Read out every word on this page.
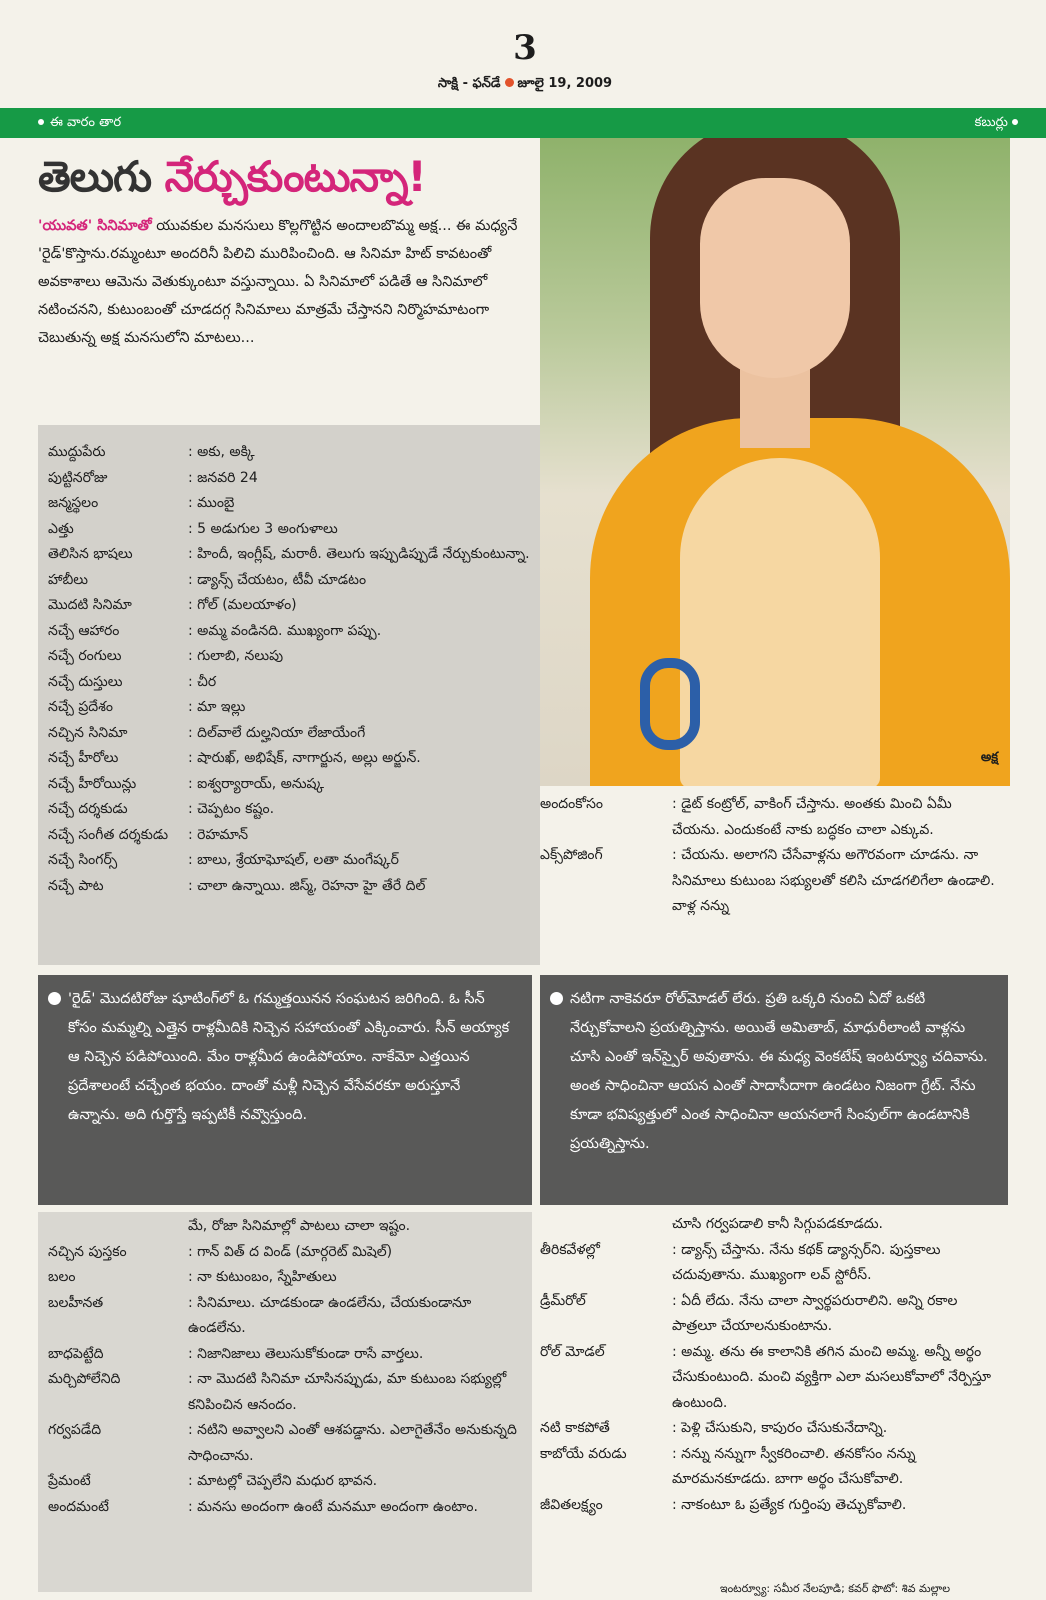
3
సాక్షి - ఫన్‌డే జూలై 19, 2009
ఈ వారం తార	కబుర్లు
తెలుగు నేర్చుకుంటున్నా!
'యువత' సినిమాతో యువకుల మనసులు కొల్లగొట్టిన అందాలబొమ్మ అక్ష... ఈ మధ్యనే 'రైడ్'కొస్తాను.రమ్మంటూ అందరినీ పిలిచి మురిపించింది. ఆ సినిమా హిట్ కావటంతో అవకాశాలు ఆమెను వెతుక్కుంటూ వస్తున్నాయి. ఏ సినిమాలో పడితే ఆ సినిమాలో నటించనని, కుటుంబంతో చూడదగ్గ సినిమాలు మాత్రమే చేస్తానని నిర్మొహమాటంగా చెబుతున్న అక్ష మనసులోని మాటలు...
అక్ష
ముద్దుపేరు	: అకు, అక్కి
పుట్టినరోజు	: జనవరి 24
జన్మస్థలం	: ముంబై
ఎత్తు	: 5 అడుగుల 3 అంగుళాలు
తెలిసిన భాషలు	: హిందీ, ఇంగ్లీష్, మరాఠీ. తెలుగు ఇప్పుడిప్పుడే నేర్చుకుంటున్నా.
హాబీలు	: డ్యాన్స్ చేయటం, టీవీ చూడటం
మొదటి సినిమా	: గోల్ (మలయాళం)
నచ్చే ఆహారం	: అమ్మ వండినది. ముఖ్యంగా పప్పు.
నచ్చే రంగులు	: గులాబి, నలుపు
నచ్చే దుస్తులు	: చీర
నచ్చే ప్రదేశం	: మా ఇల్లు
నచ్చిన సినిమా	: దిల్‌వాలే దుల్హనియా లేజాయేంగే
నచ్చే హీరోలు	: షారుఖ్, అభిషేక్, నాగార్జున, అల్లు అర్జున్.
నచ్చే హీరోయిన్లు	: ఐశ్వర్యారాయ్, అనుష్క
నచ్చే దర్శకుడు	: చెప్పటం కష్టం.
నచ్చే సంగీత దర్శకుడు	: రెహమాన్
నచ్చే సింగర్స్	: బాలు, శ్రేయాఘోషల్, లతా మంగేష్కర్
నచ్చే పాట	: చాలా ఉన్నాయి. జిస్మ్, రెహనా హై తేరే దిల్
అందంకోసం	: డైట్ కంట్రోల్, వాకింగ్ చేస్తాను. అంతకు మించి ఏమీ చేయను. ఎందుకంటే నాకు బద్ధకం చాలా ఎక్కువ.
ఎక్స్‌పోజింగ్	: చేయను. అలాగని చేసేవాళ్లను అగౌరవంగా చూడను. నా సినిమాలు కుటుంబ సభ్యులతో కలిసి చూడగలిగేలా ఉండాలి. వాళ్ల నన్ను
'రైడ్' మొదటిరోజు షూటింగ్‌లో ఓ గమ్మత్తయినన సంఘటన జరిగింది. ఓ సీన్ కోసం మమ్మల్ని ఎత్తైన రాళ్లమీదికి నిచ్చెన సహాయంతో ఎక్కించారు. సీన్ అయ్యాక ఆ నిచ్చెన పడిపోయింది. మేం రాళ్లమీద ఉండిపోయాం. నాకేమో ఎత్తయిన ప్రదేశాలంటే చచ్చేంత భయం. దాంతో మళ్లీ నిచ్చెన వేసేవరకూ అరుస్తూనే ఉన్నాను. అది గుర్తొస్తే ఇప్పటికీ నవ్వొస్తుంది.
నటిగా నాకెవరూ రోల్‌మోడల్ లేరు. ప్రతి ఒక్కరి నుంచి ఏదో ఒకటి నేర్చుకోవాలని ప్రయత్నిస్తాను. అయితే అమితాబ్, మాధురీలాంటి వాళ్లను చూసి ఎంతో ఇన్‌స్పైర్ అవుతాను. ఈ మధ్య వెంకటేష్ ఇంటర్వ్యూ చదివాను. అంత సాధించినా ఆయన ఎంతో సాదాసీదాగా ఉండటం నిజంగా గ్రేట్. నేను కూడా భవిష్యత్తులో ఎంత సాధించినా ఆయనలాగే సింపుల్‌గా ఉండటానికి ప్రయత్నిస్తాను.
మే, రోజా సినిమాల్లో పాటలు చాలా ఇష్టం.
నచ్చిన పుస్తకం	: గాన్ విత్ ద విండ్ (మార్గరెట్ మిషెల్)
బలం	: నా కుటుంబం, స్నేహితులు
బలహీనత	: సినిమాలు. చూడకుండా ఉండలేను, చేయకుండానూ ఉండలేను.
బాధపెట్టేది	: నిజానిజాలు తెలుసుకోకుండా రాసే వార్తలు.
మర్చిపోలేనిది	: నా మొదటి సినిమా చూసినప్పుడు, మా కుటుంబ సభ్యుల్లో కనిపించిన ఆనందం.
గర్వపడేది	: నటిని అవ్వాలని ఎంతో ఆశపడ్డాను. ఎలాగైతేనేం అనుకున్నది సాధించాను.
ప్రేమంటే	: మాటల్లో చెప్పలేని మధుర భావన.
అందమంటే	: మనసు అందంగా ఉంటే మనమూ అందంగా ఉంటాం.
చూసి గర్వపడాలి కానీ సిగ్గుపడకూడదు.
తీరికవేళల్లో	: డ్యాన్స్ చేస్తాను. నేను కథక్ డ్యాన్సర్‌ని. పుస్తకాలు చదువుతాను. ముఖ్యంగా లవ్ స్టోరీస్.
డ్రీమ్‌రోల్	: ఏదీ లేదు. నేను చాలా స్వార్థపరురాలిని. అన్ని రకాల పాత్రలూ చేయాలనుకుంటాను.
రోల్ మోడల్	: అమ్మ. తను ఈ కాలానికి తగిన మంచి అమ్మ. అన్నీ అర్థం చేసుకుంటుంది. మంచి వ్యక్తిగా ఎలా మసలుకోవాలో నేర్పిస్తూ ఉంటుంది.
నటి కాకపోతే	: పెళ్లి చేసుకుని, కాపురం చేసుకునేదాన్ని.
కాబోయే వరుడు	: నన్ను నన్నుగా స్వీకరించాలి. తనకోసం నన్ను మారమనకూడదు. బాగా అర్థం చేసుకోవాలి.
జీవితలక్ష్యం	: నాకంటూ ఓ ప్రత్యేక గుర్తింపు తెచ్చుకోవాలి.
ఇంటర్వ్యూ: సమీర నేలపూడి; కవర్ ఫొటో: శివ మల్లాల
